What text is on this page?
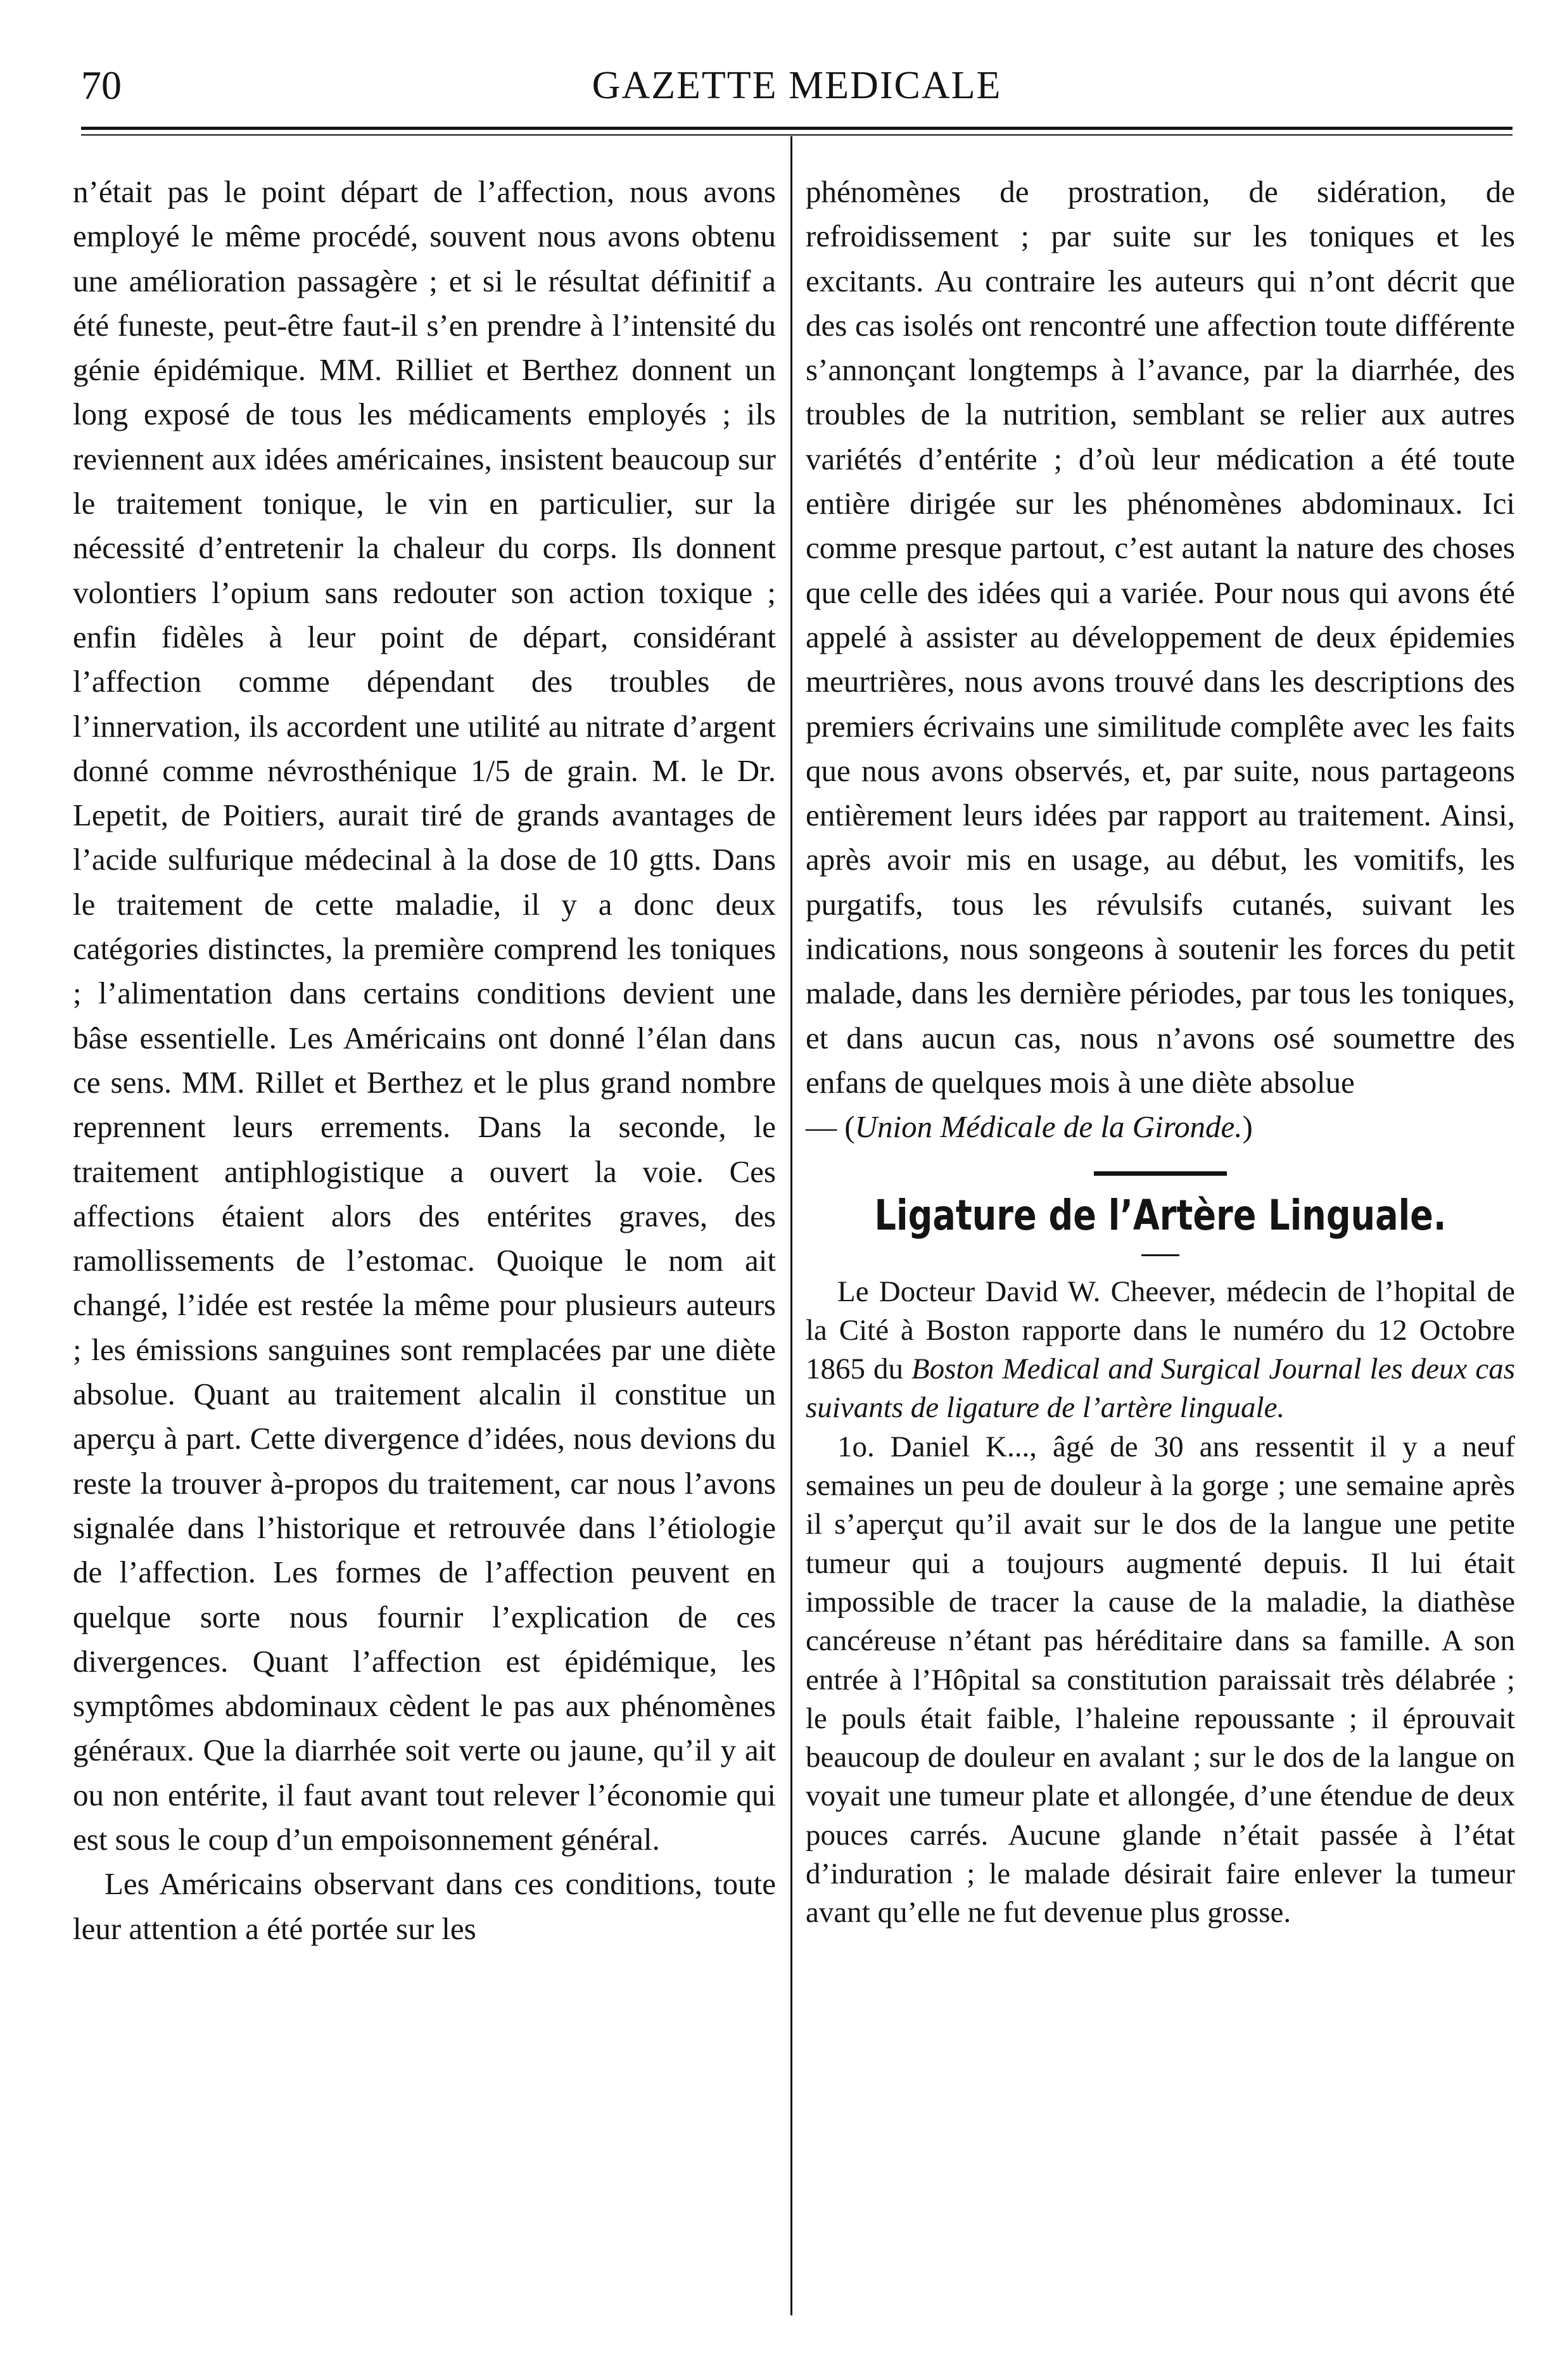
70	GAZETTE MEDICALE

n’était pas le point départ de l’affection, nous avons employé le même procédé, souvent nous avons obtenu une amélioration passagère ; et si le résultat définitif a été funeste, peut-être faut-il s’en prendre à l’intensité du génie épidémique. MM. Rilliet et Berthez donnent un long exposé de tous les médicaments employés ; ils reviennent aux idées américaines, insistent beaucoup sur le traitement tonique, le vin en particulier, sur la nécessité d’entretenir la chaleur du corps. Ils donnent volontiers l’opium sans redouter son action toxique ; enfin fidèles à leur point de départ, considérant l’affection comme dépendant des troubles de l’innervation, ils accordent une utilité au nitrate d’argent donné comme névrosthénique 1/5 de grain. M. le Dr. Lepetit, de Poitiers, aurait tiré de grands avantages de l’acide sulfurique médecinal à la dose de 10 gtts. Dans le traitement de cette maladie, il y a donc deux catégories distinctes, la première comprend les toniques ; l’alimentation dans certains conditions devient une bâse essentielle. Les Américains ont donné l’élan dans ce sens. MM. Rillet et Berthez et le plus grand nombre reprennent leurs errements. Dans la seconde, le traitement antiphlogistique a ouvert la voie. Ces affections étaient alors des entérites graves, des ramollissements de l’estomac. Quoique le nom ait changé, l’idée est restée la même pour plusieurs auteurs ; les émissions sanguines sont remplacées par une diète absolue. Quant au traitement alcalin il constitue un aperçu à part. Cette divergence d’idées, nous devions du reste la trouver à-propos du traitement, car nous l’avons signalée dans l’historique et retrouvée dans l’étiologie de l’affection. Les formes de l’affection peuvent en quelque sorte nous fournir l’explication de ces divergences. Quant l’affection est épidémique, les symptômes abdominaux cèdent le pas aux phénomènes généraux. Que la diarrhée soit verte ou jaune, qu’il y ait ou non entérite, il faut avant tout relever l’économie qui est sous le coup d’un empoisonnement général.

Les Américains observant dans ces conditions, toute leur attention a été portée sur les

phénomènes de prostration, de sidération, de refroidissement ; par suite sur les toniques et les excitants. Au contraire les auteurs qui n’ont décrit que des cas isolés ont rencontré une affection toute différente s’annonçant longtemps à l’avance, par la diarrhée, des troubles de la nutrition, semblant se relier aux autres variétés d’entérite ; d’où leur médication a été toute entière dirigée sur les phénomènes abdominaux. Ici comme presque partout, c’est autant la nature des choses que celle des idées qui a variée. Pour nous qui avons été appelé à assister au développement de deux épidemies meurtrières, nous avons trouvé dans les descriptions des premiers écrivains une similitude complête avec les faits que nous avons observés, et, par suite, nous partageons entièrement leurs idées par rapport au traitement. Ainsi, après avoir mis en usage, au début, les vomitifs, les purgatifs, tous les révulsifs cutanés, suivant les indications, nous songeons à soutenir les forces du petit malade, dans les dernière périodes, par tous les toniques, et dans aucun cas, nous n’avons osé soumettre des enfans de quelques mois à une diète absolue

— (Union Médicale de la Gironde.)

Ligature de l’Artère Linguale.

Le Docteur David W. Cheever, médecin de l’hopital de la Cité à Boston rapporte dans le numéro du 12 Octobre 1865 du Boston Medical and Surgical Journal les deux cas suivants de ligature de l’artère linguale.

1o. Daniel K..., âgé de 30 ans ressentit il y a neuf semaines un peu de douleur à la gorge ; une semaine après il s’aperçut qu’il avait sur le dos de la langue une petite tumeur qui a toujours augmenté depuis. Il lui était impossible de tracer la cause de la maladie, la diathèse cancéreuse n’étant pas héréditaire dans sa famille. A son entrée à l’Hôpital sa constitution paraissait très délabrée ; le pouls était faible, l’haleine repoussante ; il éprouvait beaucoup de douleur en avalant ; sur le dos de la langue on voyait une tumeur plate et allongée, d’une étendue de deux pouces carrés. Aucune glande n’était passée à l’état d’induration ; le malade désirait faire enlever la tumeur avant qu’elle ne fut devenue plus grosse.
